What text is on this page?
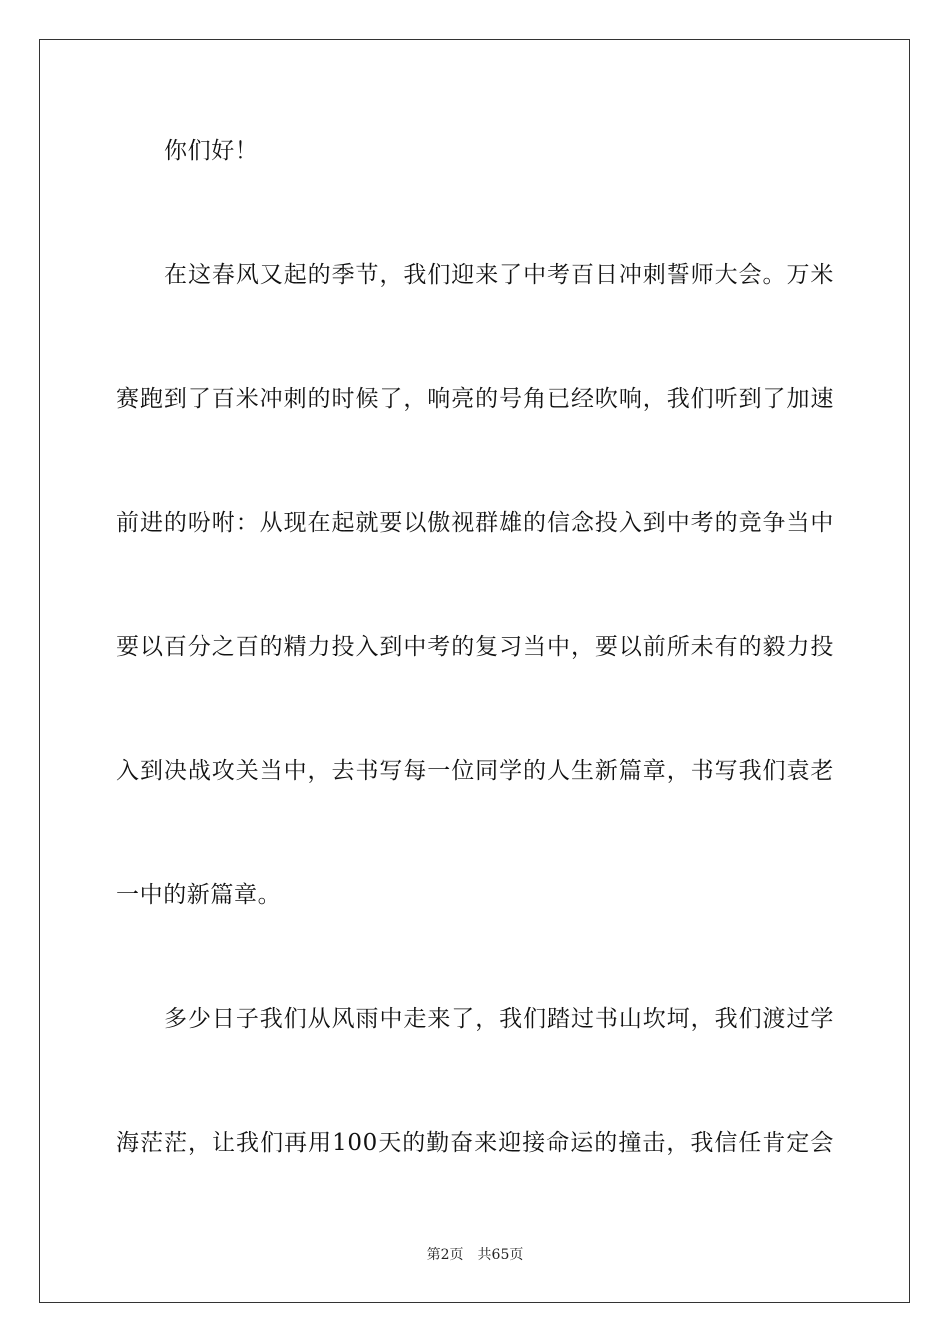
你们好！
在这春风又起的季节，我们迎来了中考百日冲刺誓师大会。万米
赛跑到了百米冲刺的时候了，响亮的号角已经吹响，我们听到了加速
前进的吩咐：从现在起就要以傲视群雄的信念投入到中考的竞争当中
要以百分之百的精力投入到中考的复习当中，要以前所未有的毅力投
入到决战攻关当中，去书写每一位同学的人生新篇章，书写我们袁老
一中的新篇章。
多少日子我们从风雨中走来了，我们踏过书山坎坷，我们渡过学
海茫茫，让我们再用100天的勤奋来迎接命运的撞击，我信任肯定会
第2页 共65页
